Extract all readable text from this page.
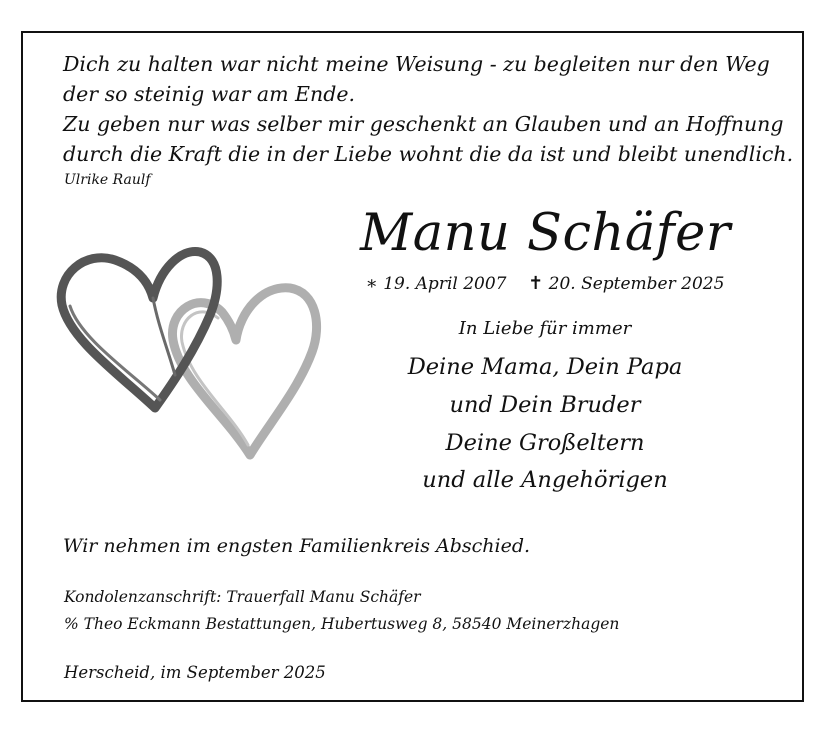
Dich zu halten war nicht meine Weisung - zu begleiten nur den Weg
der so steinig war am Ende.
Zu geben nur was selber mir geschenkt an Glauben und an Hoffnung
durch die Kraft die in der Liebe wohnt die da ist und bleibt unendlich.
Ulrike Raulf
Manu Schäfer
∗ 19. April 2007 ✝ 20. September 2025
In Liebe für immer
Deine Mama, Dein Papa
und Dein Bruder
Deine Großeltern
und alle Angehörigen
Wir nehmen im engsten Familienkreis Abschied.
Kondolenzanschrift: Trauerfall Manu Schäfer
% Theo Eckmann Bestattungen, Hubertusweg 8, 58540 Meinerzhagen
Herscheid, im September 2025
